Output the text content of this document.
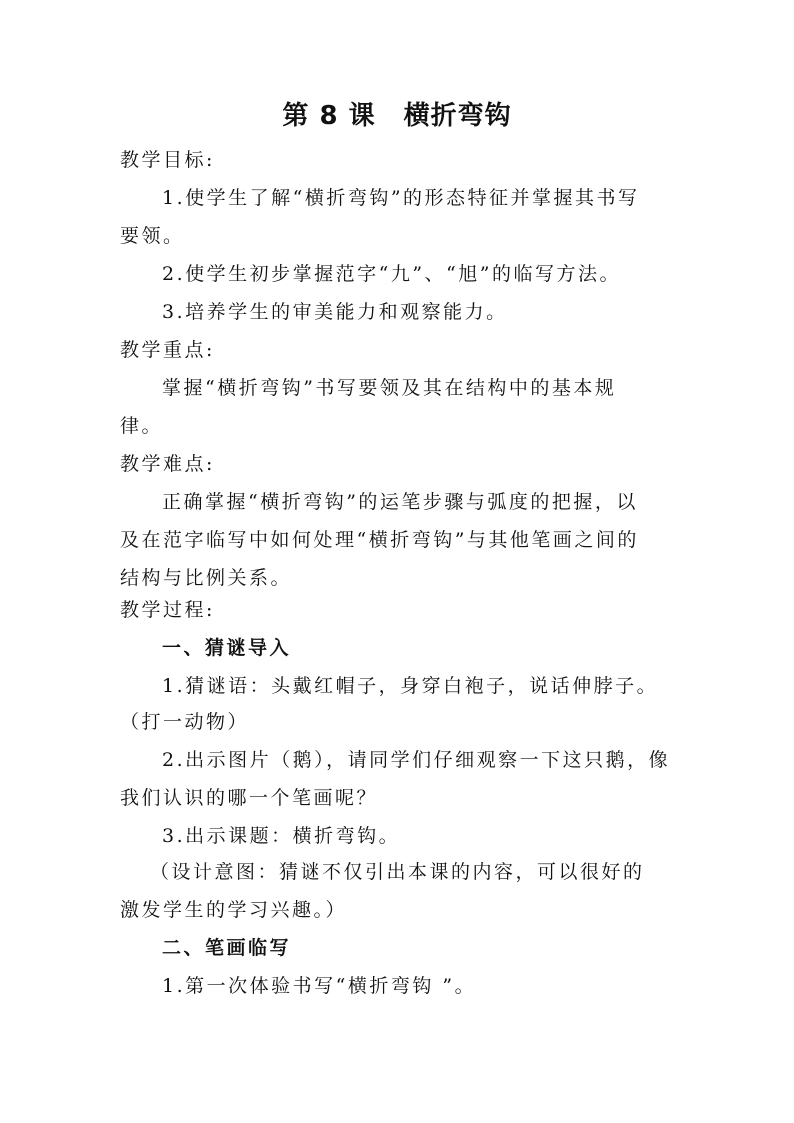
第 8 课 横折弯钩
教学目标:
1.使学生了解“横折弯钩”的形态特征并掌握其书写
要领。
2.使学生初步掌握范字“九”、“旭”的临写方法。
3.培养学生的审美能力和观察能力。
教学重点:
掌握“横折弯钩”书写要领及其在结构中的基本规
律。
教学难点:
正确掌握“横折弯钩”的运笔步骤与弧度的把握，以
及在范字临写中如何处理“横折弯钩”与其他笔画之间的
结构与比例关系。
教学过程:
一、猜谜导入
1.猜谜语：头戴红帽子，身穿白袍子，说话伸脖子。
（打一动物）
2.出示图片（鹅），请同学们仔细观察一下这只鹅，像
我们认识的哪一个笔画呢？
3.出示课题：横折弯钩。
（设计意图：猜谜不仅引出本课的内容，可以很好的
激发学生的学习兴趣。）
二、笔画临写
1.第一次体验书写“横折弯钩 ”。
